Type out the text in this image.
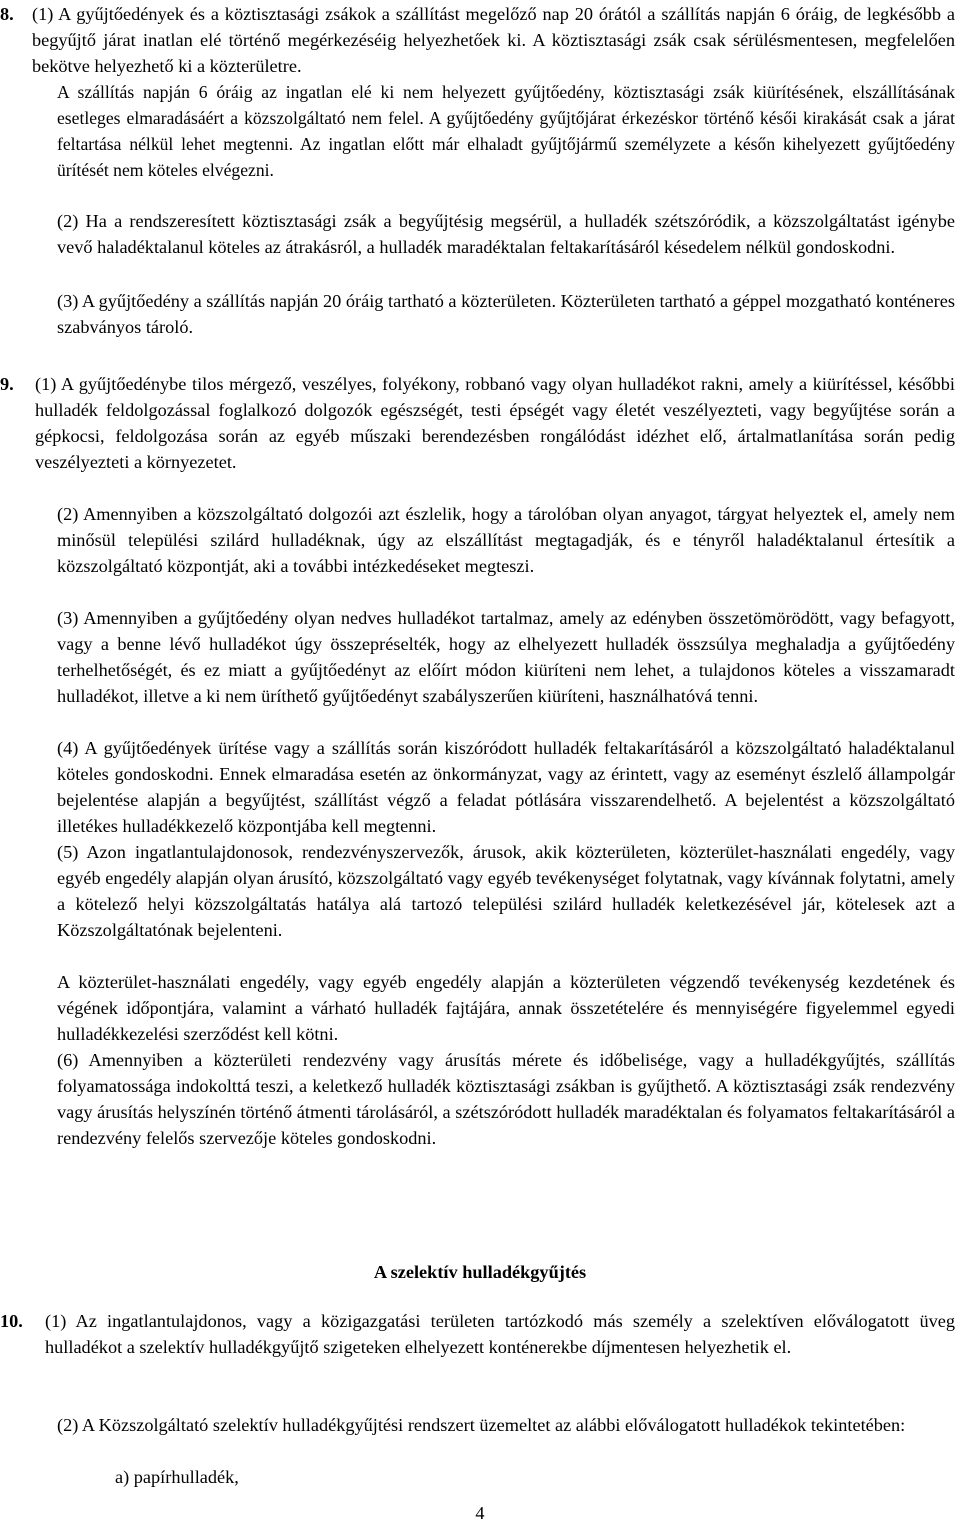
8. (1) A gyűjtőedények és a köztisztasági zsákok a szállítást megelőző nap 20 órától a szállítás napján 6 óráig, de legkésőbb a begyűjtő járat inatlan elé történő megérkezéséig helyezhetőek ki. A köztisztasági zsák csak sérülésmentesen, megfelelően bekötve helyezhető ki a közterületre.

A szállítás napján 6 óráig az ingatlan elé ki nem helyezett gyűjtőedény, köztisztasági zsák kiürítésének, elszállításának esetleges elmaradásáért a közszolgáltató nem felel. A gyűjtőedény gyűjtőjárat érkezéskor történő késői kirakását csak a járat feltartása nélkül lehet megtenni. Az ingatlan előtt már elhaladt gyűjtőjármű személyzete a későn kihelyezett gyűjtőedény ürítését nem köteles elvégezni.

(2) Ha a rendszeresített köztisztasági zsák a begyűjtésig megsérül, a hulladék szétszóródik, a közszolgáltatást igénybe vevő haladéktalanul köteles az átrakásról, a hulladék maradéktalan feltakarításáról késedelem nélkül gondoskodni.

(3) A gyűjtőedény a szállítás napján 20 óráig tartható a közterületen. Közterületen tartható a géppel mozgatható konténeres szabványos tároló.

9. (1) A gyűjtőedénybe tilos mérgező, veszélyes, folyékony, robbanó vagy olyan hulladékot rakni, amely a kiürítéssel, későbbi hulladék feldolgozással foglalkozó dolgozók egészségét, testi épségét vagy életét veszélyezteti, vagy begyűjtése során a gépkocsi, feldolgozása során az egyéb műszaki berendezésben rongálódást idézhet elő, ártalmatlanítása során pedig veszélyezteti a környezetet.

(2) Amennyiben a közszolgáltató dolgozói azt észlelik, hogy a tárolóban olyan anyagot, tárgyat helyeztek el, amely nem minősül települési szilárd hulladéknak, úgy az elszállítást megtagadják, és e tényről haladéktalanul értesítik a közszolgáltató központját, aki a további intézkedéseket megteszi.

(3) Amennyiben a gyűjtőedény olyan nedves hulladékot tartalmaz, amely az edényben összetömörödött, vagy befagyott, vagy a benne lévő hulladékot úgy összepréselték, hogy az elhelyezett hulladék összsúlya meghaladja a gyűjtőedény terhelhetőségét, és ez miatt a gyűjtőedényt az előírt módon kiüríteni nem lehet, a tulajdonos köteles a visszamaradt hulladékot, illetve a ki nem üríthető gyűjtőedényt szabályszerűen kiüríteni, használhatóvá tenni.

(4) A gyűjtőedények ürítése vagy a szállítás során kiszóródott hulladék feltakarításáról a közszolgáltató haladéktalanul köteles gondoskodni. Ennek elmaradása esetén az önkormányzat, vagy az érintett, vagy az eseményt észlelő állampolgár bejelentése alapján a begyűjtést, szállítást végző a feladat pótlására visszarendelhető. A bejelentést a közszolgáltató illetékes hulladékkezelő központjába kell megtenni.

(5) Azon ingatlantulajdonosok, rendezvényszervezők, árusok, akik közterületen, közterület-használati engedély, vagy egyéb engedély alapján olyan árusító, közszolgáltató vagy egyéb tevékenységet folytatnak, vagy kívánnak folytatni, amely a kötelező helyi közszolgáltatás hatálya alá tartozó települési szilárd hulladék keletkezésével jár, kötelesek azt a Közszolgáltatónak bejelenteni.

A közterület-használati engedély, vagy egyéb engedély alapján a közterületen végzendő tevékenység kezdetének és végének időpontjára, valamint a várható hulladék fajtájára, annak összetételére és mennyiségére figyelemmel egyedi hulladékkezelési szerződést kell kötni.

(6) Amennyiben a közterületi rendezvény vagy árusítás mérete és időbelisége, vagy a hulladékgyűjtés, szállítás folyamatossága indokolttá teszi, a keletkező hulladék köztisztasági zsákban is gyűjthető. A köztisztasági zsák rendezvény vagy árusítás helyszínén történő átmenti tárolásáról, a szétszóródott hulladék maradéktalan és folyamatos feltakarításáról a rendezvény felelős szervezője köteles gondoskodni.

A szelektív hulladékgyűjtés
10. (1) Az ingatlantulajdonos, vagy a közigazgatási területen tartózkodó más személy a szelektíven előválogatott üveg hulladékot a szelektív hulladékgyűjtő szigeteken elhelyezett konténerekbe díjmentesen helyezhetik el.

(2) A Közszolgáltató szelektív hulladékgyűjtési rendszert üzemeltet az alábbi előválogatott hulladékok tekintetében:

a) papírhulladék,

4
